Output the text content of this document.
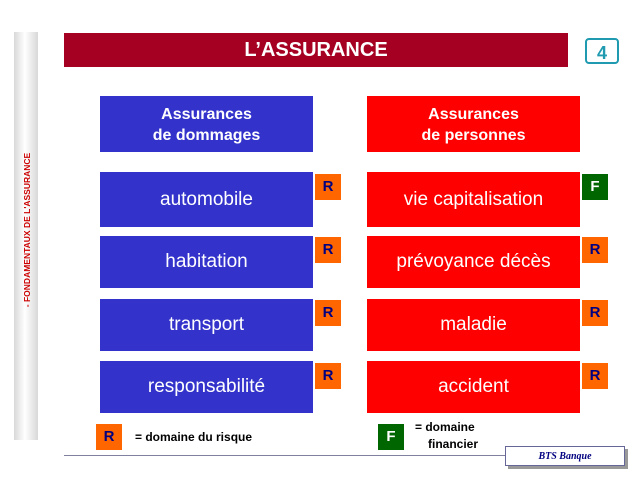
- FONDAMENTAUX DE L'ASSURANCE
L’ASSURANCE	4
Assurances
de dommages
Assurances
de personnes
automobile
habitation
transport
responsabilité
R
R
R
R
vie capitalisation
prévoyance décès
maladie
accident
F
R
R
R
R	= domaine du risque	F
= domaine
financier
BTS Banque
